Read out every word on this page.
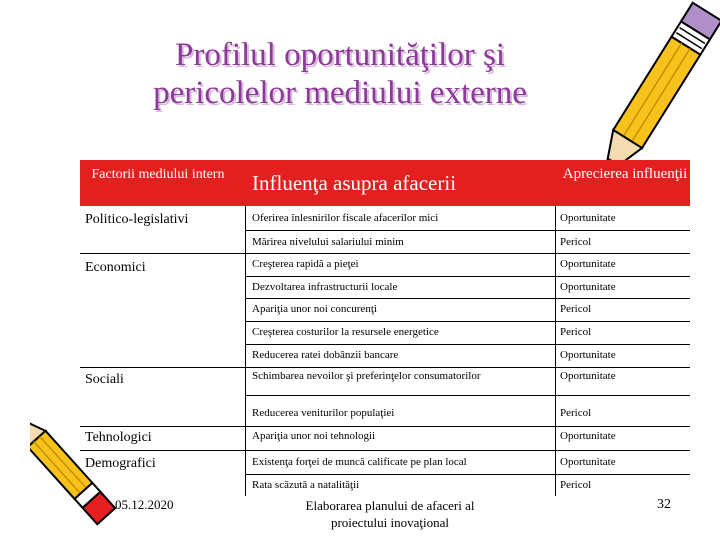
Profilul oportunităţilor şi
pericolelor mediului externe
Factorii mediului intern	Influenţa asupra afacerii	Aprecierea influenţii
Politico-legislativi	Oferirea înlesnirilor fiscale afacerilor mici	Oportunitate
Mărirea nivelului salariului minim	Pericol
Economici	Creşterea rapidă a pieţei	Oportunitate
Dezvoltarea infrastructurii locale	Oportunitate
Apariţia unor noi concurenţi	Pericol
Creşterea costurilor la resursele energetice	Pericol
Reducerea ratei dobânzii bancare	Oportunitate
Sociali	Schimbarea nevoilor şi preferinţelor consumatorilor	Oportunitate
Reducerea veniturilor populaţiei	Pericol
Tehnologici	Apariţia unor noi tehnologii	Oportunitate
Demografici	Existenţa forţei de muncă calificate pe plan local	Oportunitate
Rata scăzută a natalităţii	Pericol
05.12.2020	Elaborarea planului de afaceri al
proiectului inovaţional
32
